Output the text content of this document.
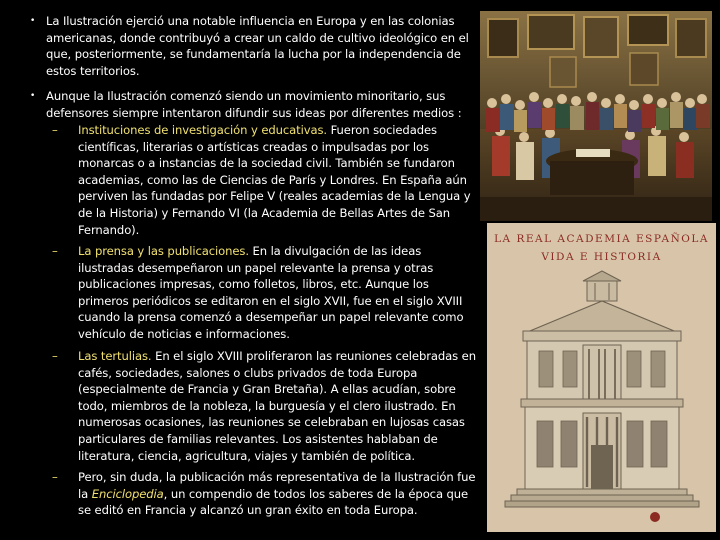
• La Ilustración ejerció una notable influencia en Europa y en las colonias americanas, donde contribuyó a crear un caldo de cultivo ideológico en el que, posteriormente, se fundamentaría la lucha por la independencia de estos territorios.
• Aunque la Ilustración comenzó siendo un movimiento minoritario, sus defensores siempre intentaron difundir sus ideas por diferentes medios :
– Instituciones de investigación y educativas. Fueron sociedades científicas, literarias o artísticas creadas o impulsadas por los monarcas o a instancias de la sociedad civil. También se fundaron academias, como las de Ciencias de París y Londres. En España aún perviven las fundadas por Felipe V (reales academias de la Lengua y de la Historia) y Fernando VI (la Academia de Bellas Artes de San Fernando).
– La prensa y las publicaciones. En la divulgación de las ideas ilustradas desempeñaron un papel relevante la prensa y otras publicaciones impresas, como folletos, libros, etc. Aunque los primeros periódicos se editaron en el siglo XVII, fue en el siglo XVIII cuando la prensa comenzó a desempeñar un papel relevante como vehículo de noticias e informaciones.
– Las tertulias. En el siglo XVIII proliferaron las reuniones celebradas en cafés, sociedades, salones o clubs privados de toda Europa (especialmente de Francia y Gran Bretaña). A ellas acudían, sobre todo, miembros de la nobleza, la burguesía y el clero ilustrado. En numerosas ocasiones, las reuniones se celebraban en lujosas casas particulares de familias relevantes. Los asistentes hablaban de literatura, ciencia, agricultura, viajes y también de política.
– Pero, sin duda, la publicación más representativa de la Ilustración fue la Enciclopedia, un compendio de todos los saberes de la época que se editó en Francia y alcanzó un gran éxito en toda Europa.
LA REAL ACADEMIA ESPAÑOLA
VIDA E HISTORIA
